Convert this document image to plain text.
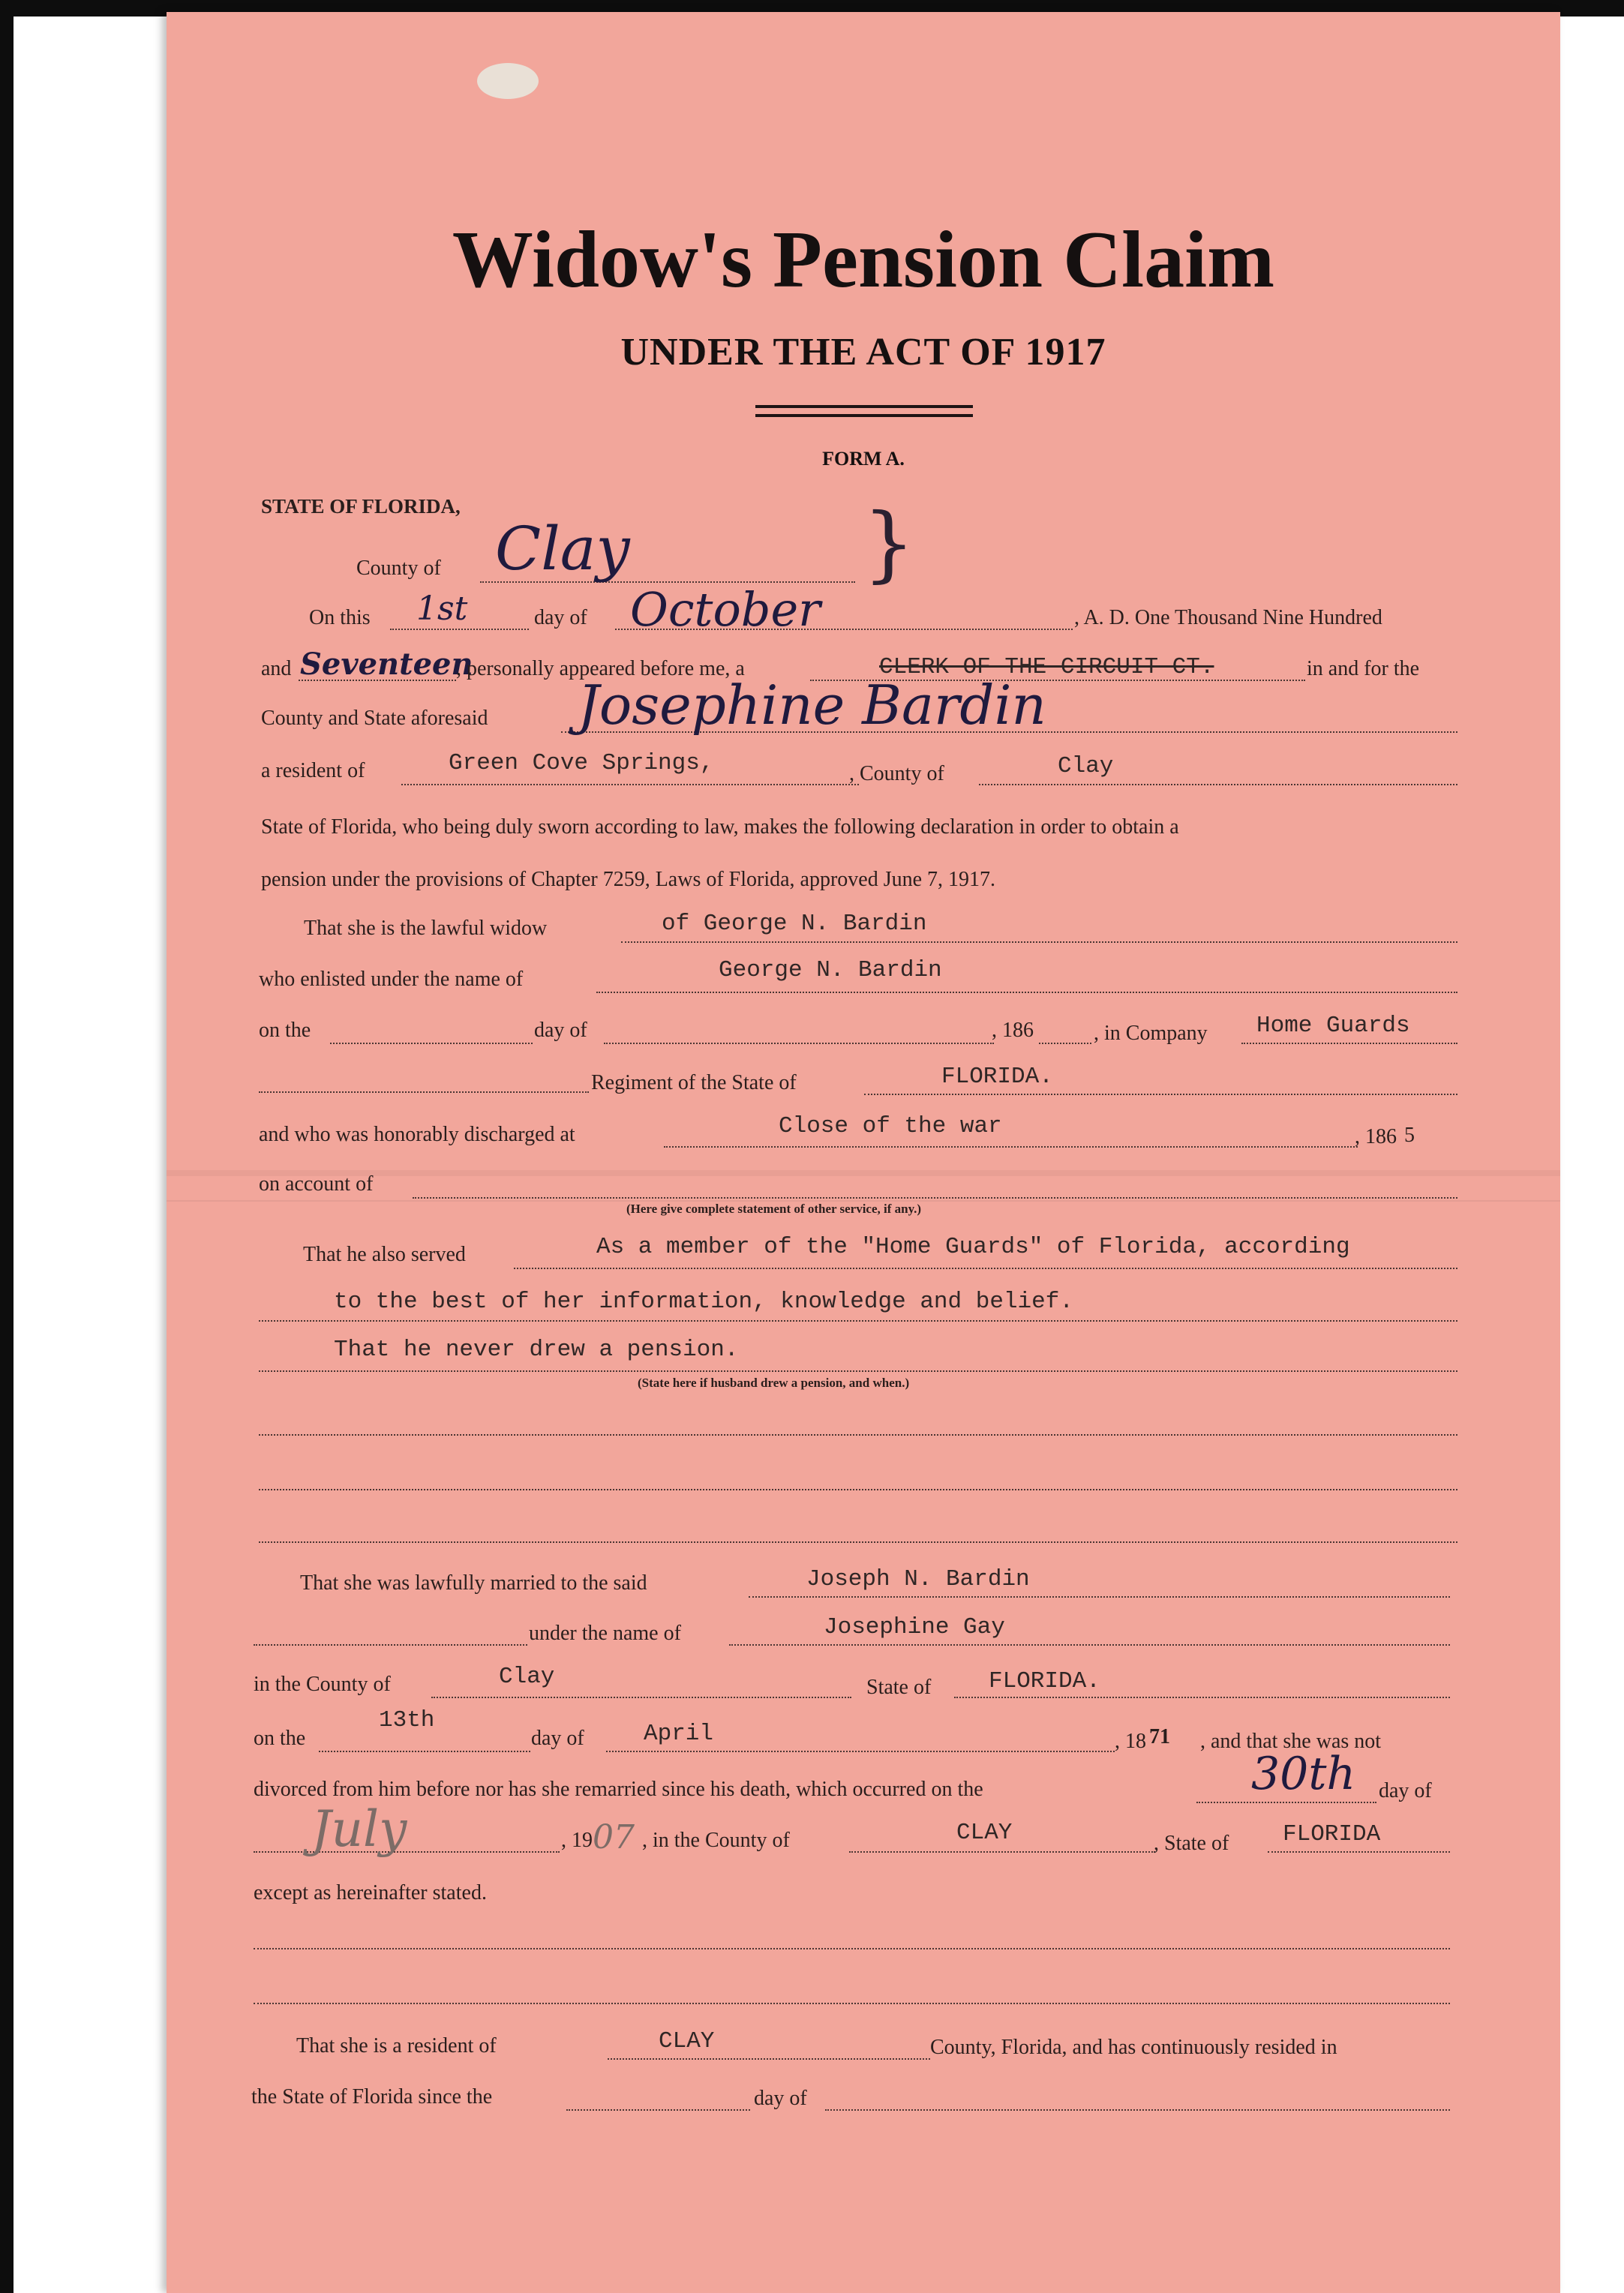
Widow's Pension Claim
UNDER THE ACT OF 1917
FORM A.
STATE OF FLORIDA,
County of Clay	}
On this 1st	day of October	, A. D. One Thousand Nine Hundred
and Seventeen
, personally appeared before me, a	CLERK OF THE CIRCUIT CT.	in and for the
County and State aforesaid Josephine Bardin
a resident of	Green Cove Springs,	, County of	Clay
State of Florida, who being duly sworn according to law, makes the following declaration in order to obtain a
pension under the provisions of Chapter 7259, Laws of Florida, approved June 7, 1917.
That she is the lawful widow	of George N. Bardin
who enlisted under the name of	George N. Bardin
on the	day of	, 186	, in Company Home Guards
Regiment of the State of	FLORIDA.
and who was honorably discharged at	Close of the war	, 186 5
on account of
(Here give complete statement of other service, if any.)
That he also served	As a member of the "Home Guards" of Florida, according
to the best of her information, knowledge and belief.
That he never drew a pension.
(State here if husband drew a pension, and when.)
That she was lawfully married to the said	Joseph N. Bardin
under the name of	Josephine Gay
in the County of	Clay	State of FLORIDA.
on the
13th
day of	April	, 18 71 , and that she was not
divorced from him before nor has she remarried since his death, which occurred on the	30th day of
July	, 19 07 , in the County of	CLAY	, State of FLORIDA
except as hereinafter stated.
That she is a resident of	CLAY	County, Florida, and has continuously resided in
the State of Florida since the	day of
